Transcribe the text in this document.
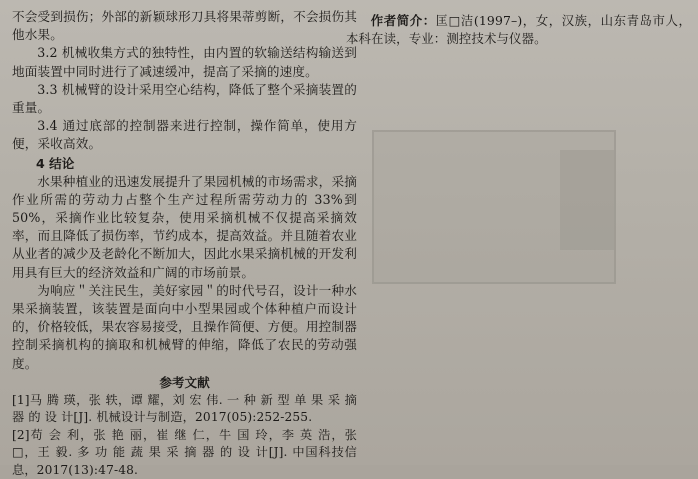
不会受到损伤；外部的新颖球形刀具将果蒂剪断，不会损伤其他水果。

3.2 机械收集方式的独特性，由内置的软输送结构输送到地面装置中同时进行了减速缓冲，提高了采摘的速度。

3.3 机械臂的设计采用空心结构，降低了整个采摘装置的重量。

3.4 通过底部的控制器来进行控制，操作简单，使用方便，采收高效。

4 结论

水果种植业的迅速发展提升了果园机械的市场需求，采摘作业所需的劳动力占整个生产过程所需劳动力的 33%到 50%，采摘作业比较复杂，使用采摘机械不仅提高采摘效率，而且降低了损伤率，节约成本，提高效益。并且随着农业从业者的减少及老龄化不断加大，因此水果采摘机械的开发利用具有巨大的经济效益和广阔的市场前景。

为响应＂关注民生，美好家园＂的时代号召，设计一种水果采摘装置，该装置是面向中小型果园或个体种植户而设计的，价格较低，果农容易接受，且操作简便、方便。用控制器控制采摘机构的摘取和机械臂的伸缩，降低了农民的劳动强度。

参考文献

[1]马 腾 瑛，张 轶，谭 耀，刘 宏 伟. 一 种 新 型 单 果 采 摘 器 的 设 计[J]. 机械设计与制造，2017(05):252-255.

[2]苟 会 利，张 艳 丽，崔 继 仁，牛 国 玲，李 英 浩，张 □，王 毅. 多 功 能 蔬 果 采 摘 器 的 设 计[J]. 中国科技信息，2017(13):47-48.

作者简介：匡□洁(1997–)，女，汉族，山东青岛市人，本科在读，专业：测控技术与仪器。
